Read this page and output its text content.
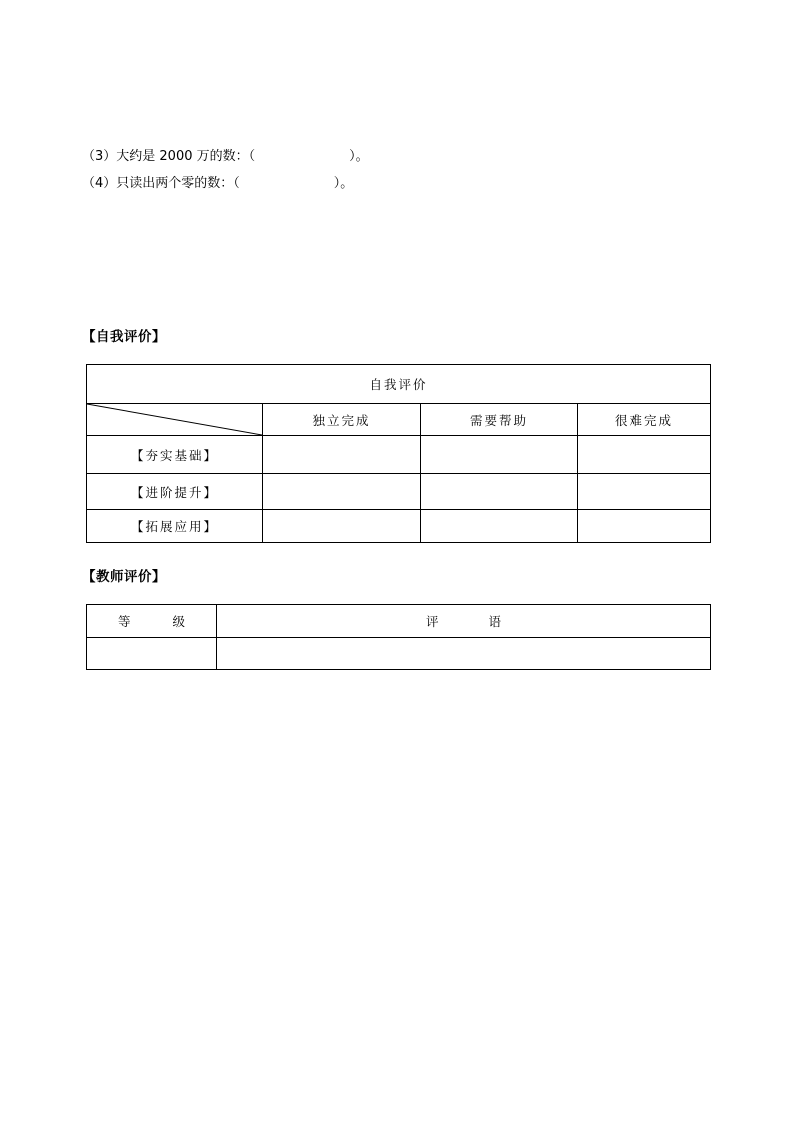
（3）大约是 2000 万的数：（	）。
（4）只读出两个零的数：（	）。
【自我评价】
自我评价			

	独立完成	需要帮助	很难完成
【夯实基础】			
【进阶提升】			
【拓展应用】			
【教师评价】
等 级	评 语
